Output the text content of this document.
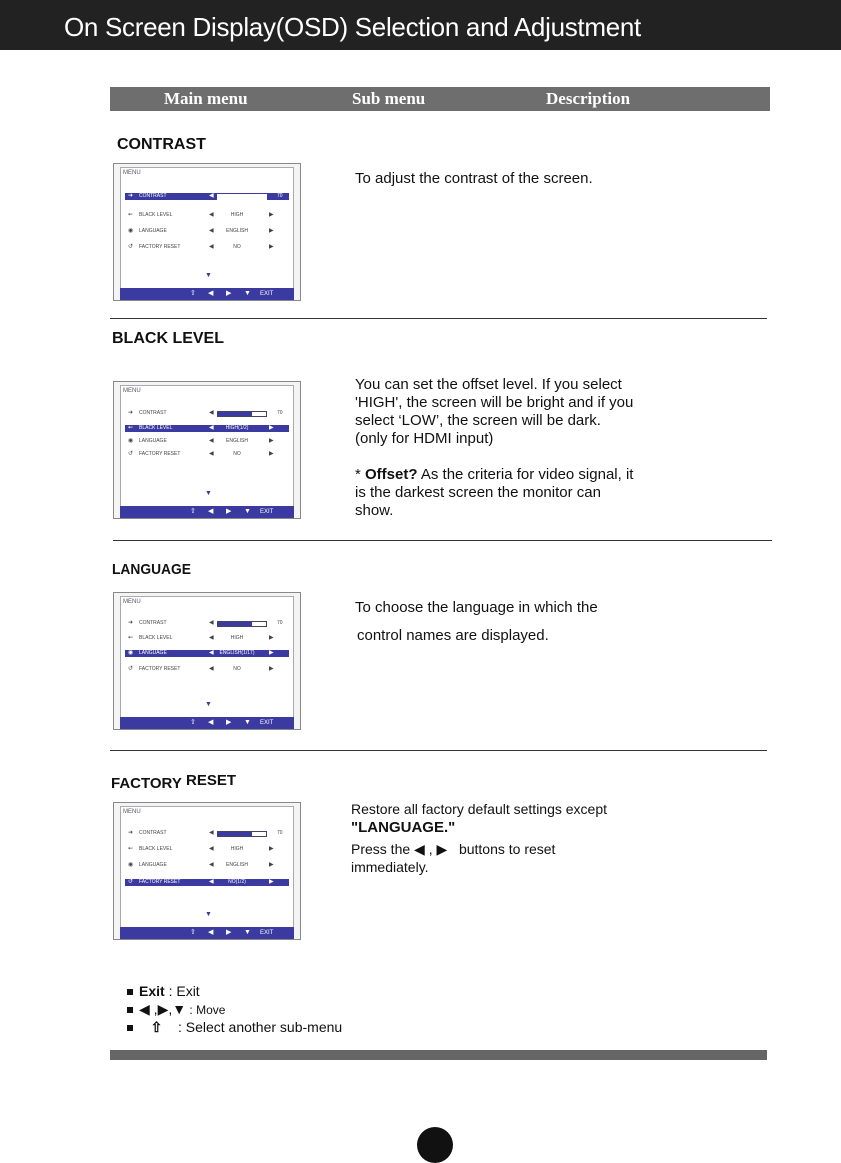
On Screen Display(OSD) Selection and Adjustment
Main menu	Sub menu	Description
CONTRAST
MENU
➜ CONTRAST	◀	70
⇜ BLACK LEVEL	◀	HIGH	▶
◉ LANGUAGE	◀	ENGLISH	▶
↺ FACTORY RESET	◀	NO	▶
▼
⇧ ◀ ▶ ▼ EXIT
To adjust the contrast of the screen.
BLACK LEVEL
MENU
➜ CONTRAST	◀	70
⇜ BLACK LEVEL	◀	HIGH(1/2)	▶
◉ LANGUAGE	◀	ENGLISH	▶
↺ FACTORY RESET	◀	NO	▶
▼
⇧ ◀ ▶ ▼ EXIT
You can set the offset level. If you select
'HIGH', the screen will be bright and if you
select ‘LOW’, the screen will be dark.
(only for HDMI input)
* Offset? As the criteria for video signal, it
is the darkest screen the monitor can
show.
LANGUAGE
MENU
➜ CONTRAST	◀	70
⇜ BLACK LEVEL	◀	HIGH	▶
◉ LANGUAGE	◀	ENGLISH(1/17)	▶
↺ FACTORY RESET	◀	NO	▶
▼
⇧ ◀ ▶ ▼ EXIT
To choose the language in which the
control names are displayed.
FACTORY RESET
MENU
➜ CONTRAST	◀	70
⇜ BLACK LEVEL	◀	HIGH	▶
◉ LANGUAGE	◀	ENGLISH	▶
↺ FACTORY RESET	◀	NO(1/2)	▶
▼
⇧ ◀ ▶ ▼ EXIT
Restore all factory default settings except
"LANGUAGE."
Press the ◀ , ▶ buttons to reset
immediately.
Exit : Exit
◀ ,▶,▼ : Move
⇧    : Select another sub-menu
